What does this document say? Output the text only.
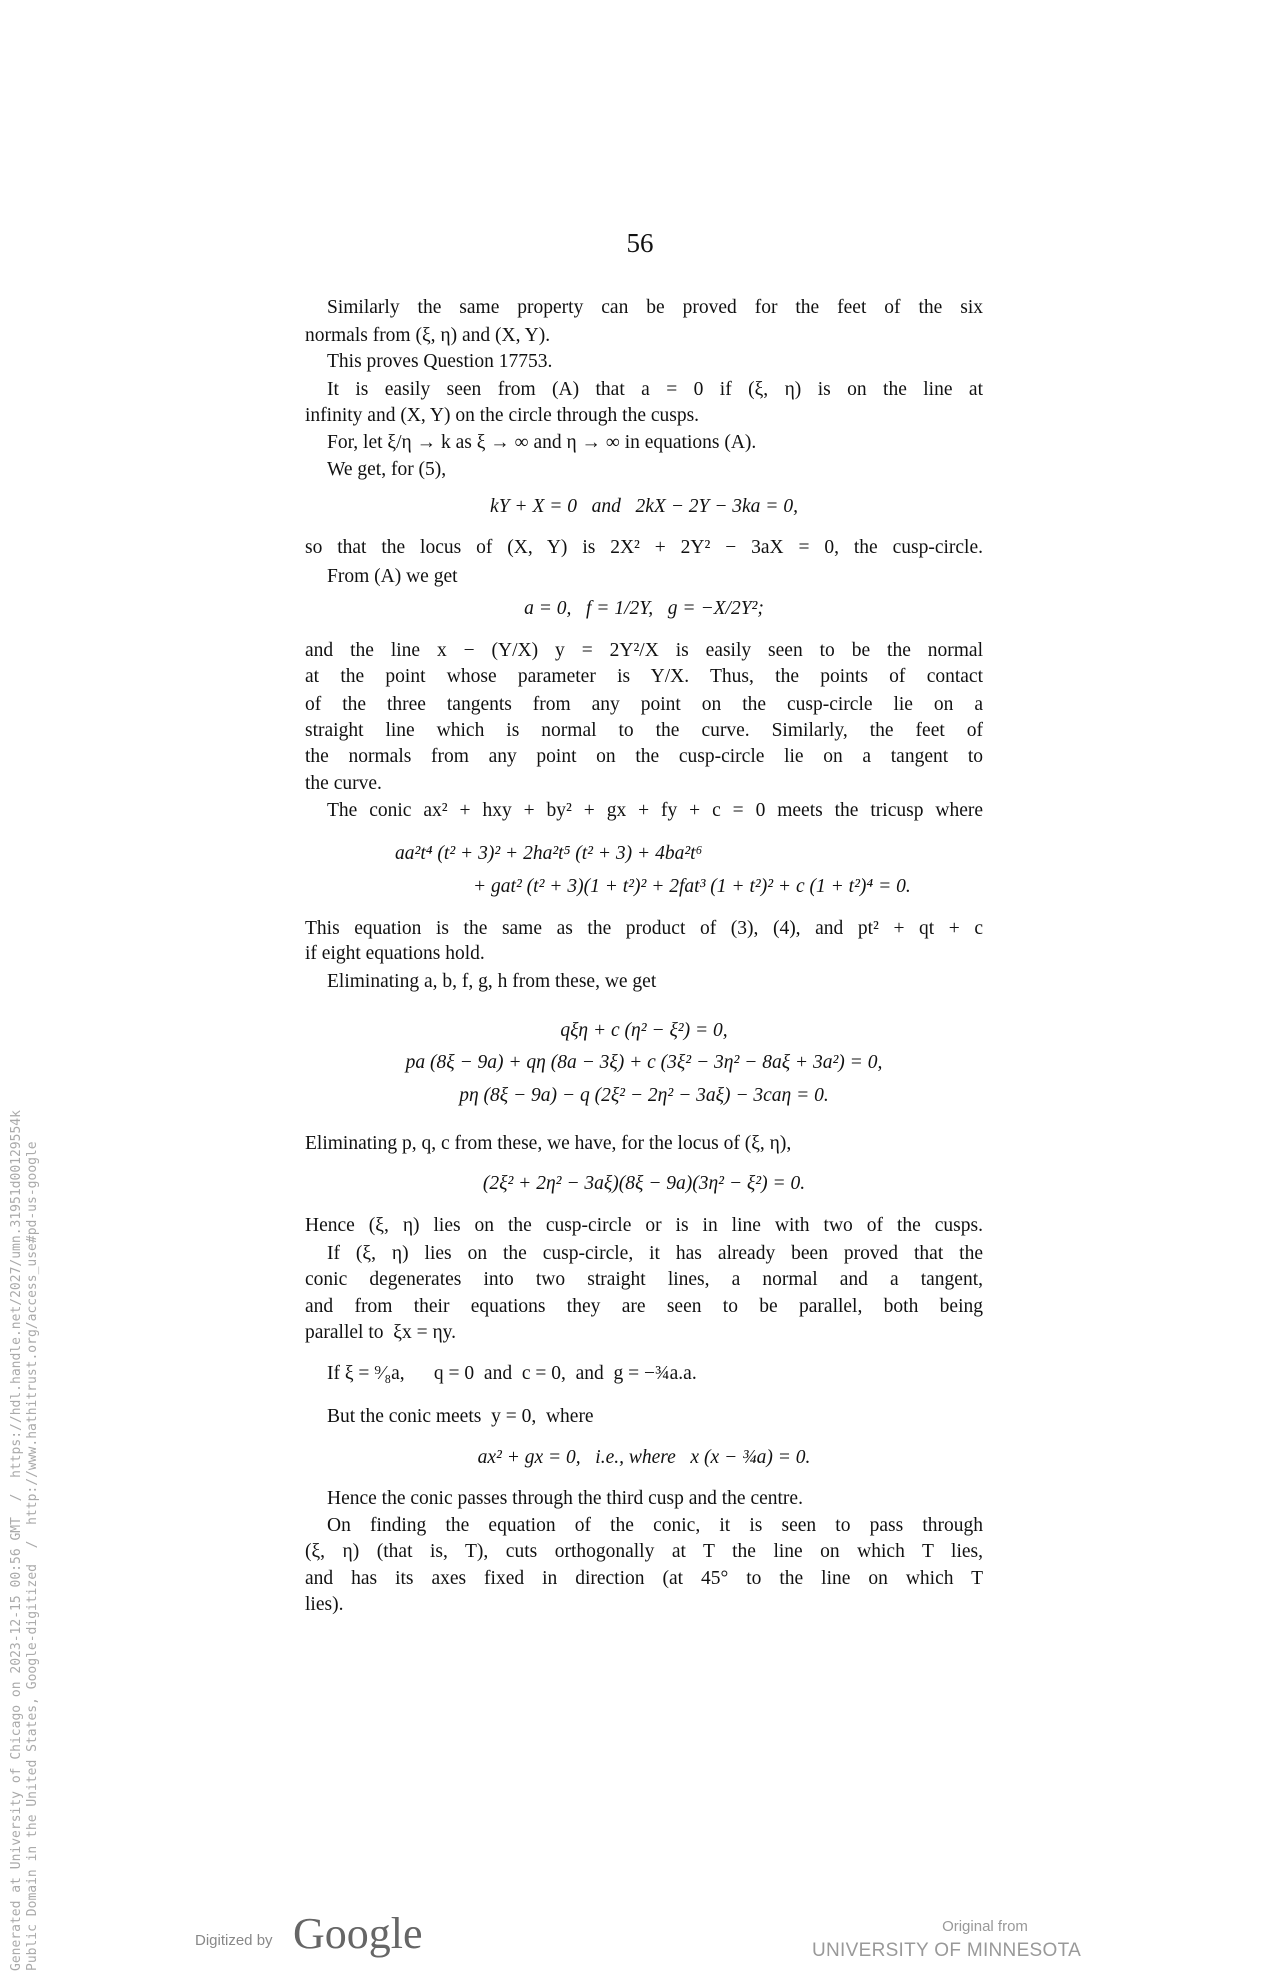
56
Similarly the same property can be proved for the feet of the six
normals from (ξ, η) and (X, Y).
This proves Question 17753.
It is easily seen from (A) that a = 0 if (ξ, η) is on the line at
infinity and (X, Y) on the circle through the cusps.
For, let ξ/η → k as ξ → ∞ and η → ∞ in equations (A).
We get, for (5),
kY + X = 0   and   2kX − 2Y − 3ka = 0,
so that the locus of (X, Y) is 2X² + 2Y² − 3aX = 0, the cusp-circle.
From (A) we get
a = 0,   f = 1/2Y,   g = −X/2Y²;
and the line x − (Y/X) y = 2Y²/X is easily seen to be the normal
at the point whose parameter is Y/X. Thus, the points of contact
of the three tangents from any point on the cusp-circle lie on a
straight line which is normal to the curve. Similarly, the feet of
the normals from any point on the cusp-circle lie on a tangent to
the curve.
The conic ax² + hxy + by² + gx + fy + c = 0 meets the tricusp where
aa²t⁴ (t² + 3)² + 2ha²t⁵ (t² + 3) + 4ba²t⁶
+ gat² (t² + 3)(1 + t²)² + 2fat³ (1 + t²)² + c (1 + t²)⁴ = 0.
This equation is the same as the product of (3), (4), and pt² + qt + c
if eight equations hold.
Eliminating a, b, f, g, h from these, we get
qξη + c (η² − ξ²) = 0,
pa (8ξ − 9a) + qη (8a − 3ξ) + c (3ξ² − 3η² − 8aξ + 3a²) = 0,
pη (8ξ − 9a) − q (2ξ² − 2η² − 3aξ) − 3caη = 0.
Eliminating p, q, c from these, we have, for the locus of (ξ, η),
(2ξ² + 2η² − 3aξ)(8ξ − 9a)(3η² − ξ²) = 0.
Hence (ξ, η) lies on the cusp-circle or is in line with two of the cusps.
If (ξ, η) lies on the cusp-circle, it has already been proved that the
conic degenerates into two straight lines, a normal and a tangent,
and from their equations they are seen to be parallel, both being
parallel to  ξx = ηy.
If ξ = ⁹⁄₈a,      q = 0  and  c = 0,  and  g = −¾a.a.
But the conic meets  y = 0,  where
ax² + gx = 0,   i.e., where   x (x − ¾a) = 0.
Hence the conic passes through the third cusp and the centre.
On finding the equation of the conic, it is seen to pass through
(ξ, η) (that is, T), cuts orthogonally at T the line on which T lies,
and has its axes fixed in direction (at 45° to the line on which T
lies).
Generated at University of Chicago on 2023-12-15 00:56 GMT  /  https://hdl.handle.net/2027/umn.31951d00129554k Public Domain in the United States, Google-digitized  /  http://www.hathitrust.org/access_use#pd-us-google	Digitized by Google	Original from
UNIVERSITY OF MINNESOTA
